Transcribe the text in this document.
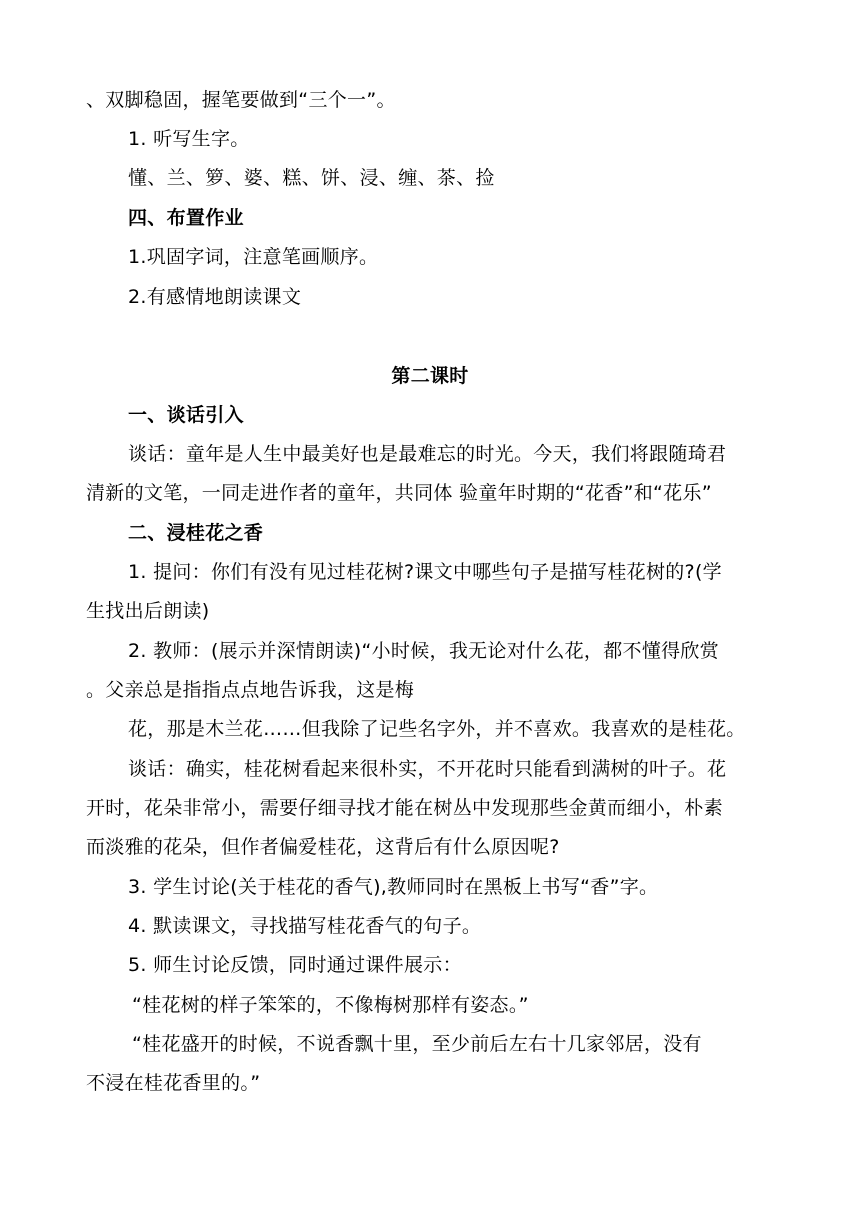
、双脚稳固，握笔要做到“三个一”。

1. 听写生字。

懂、兰、箩、婆、糕、饼、浸、缠、茶、捡

四、布置作业

1.巩固字词，注意笔画顺序。

2.有感情地朗读课文

第二课时

一、谈话引入

谈话：童年是人生中最美好也是最难忘的时光。今天，我们将跟随琦君

清新的文笔，一同走进作者的童年，共同体 验童年时期的“花香”和“花乐”

二、浸桂花之香

1. 提问：你们有没有见过桂花树?课文中哪些句子是描写桂花树的?(学

生找出后朗读)

2. 教师：(展示并深情朗读)“小时候，我无论对什么花，都不懂得欣赏

。父亲总是指指点点地告诉我，这是梅

花，那是木兰花……但我除了记些名字外，并不喜欢。我喜欢的是桂花。

谈话：确实，桂花树看起来很朴实，不开花时只能看到满树的叶子。花

开时，花朵非常小，需要仔细寻找才能在树丛中发现那些金黄而细小，朴素

而淡雅的花朵，但作者偏爱桂花，这背后有什么原因呢?

3. 学生讨论(关于桂花的香气),教师同时在黑板上书写“香”字。

4. 默读课文，寻找描写桂花香气的句子。

5. 师生讨论反馈，同时通过课件展示：

“桂花树的样子笨笨的，不像梅树那样有姿态。”

“桂花盛开的时候，不说香飘十里，至少前后左右十几家邻居，没有

不浸在桂花香里的。”
